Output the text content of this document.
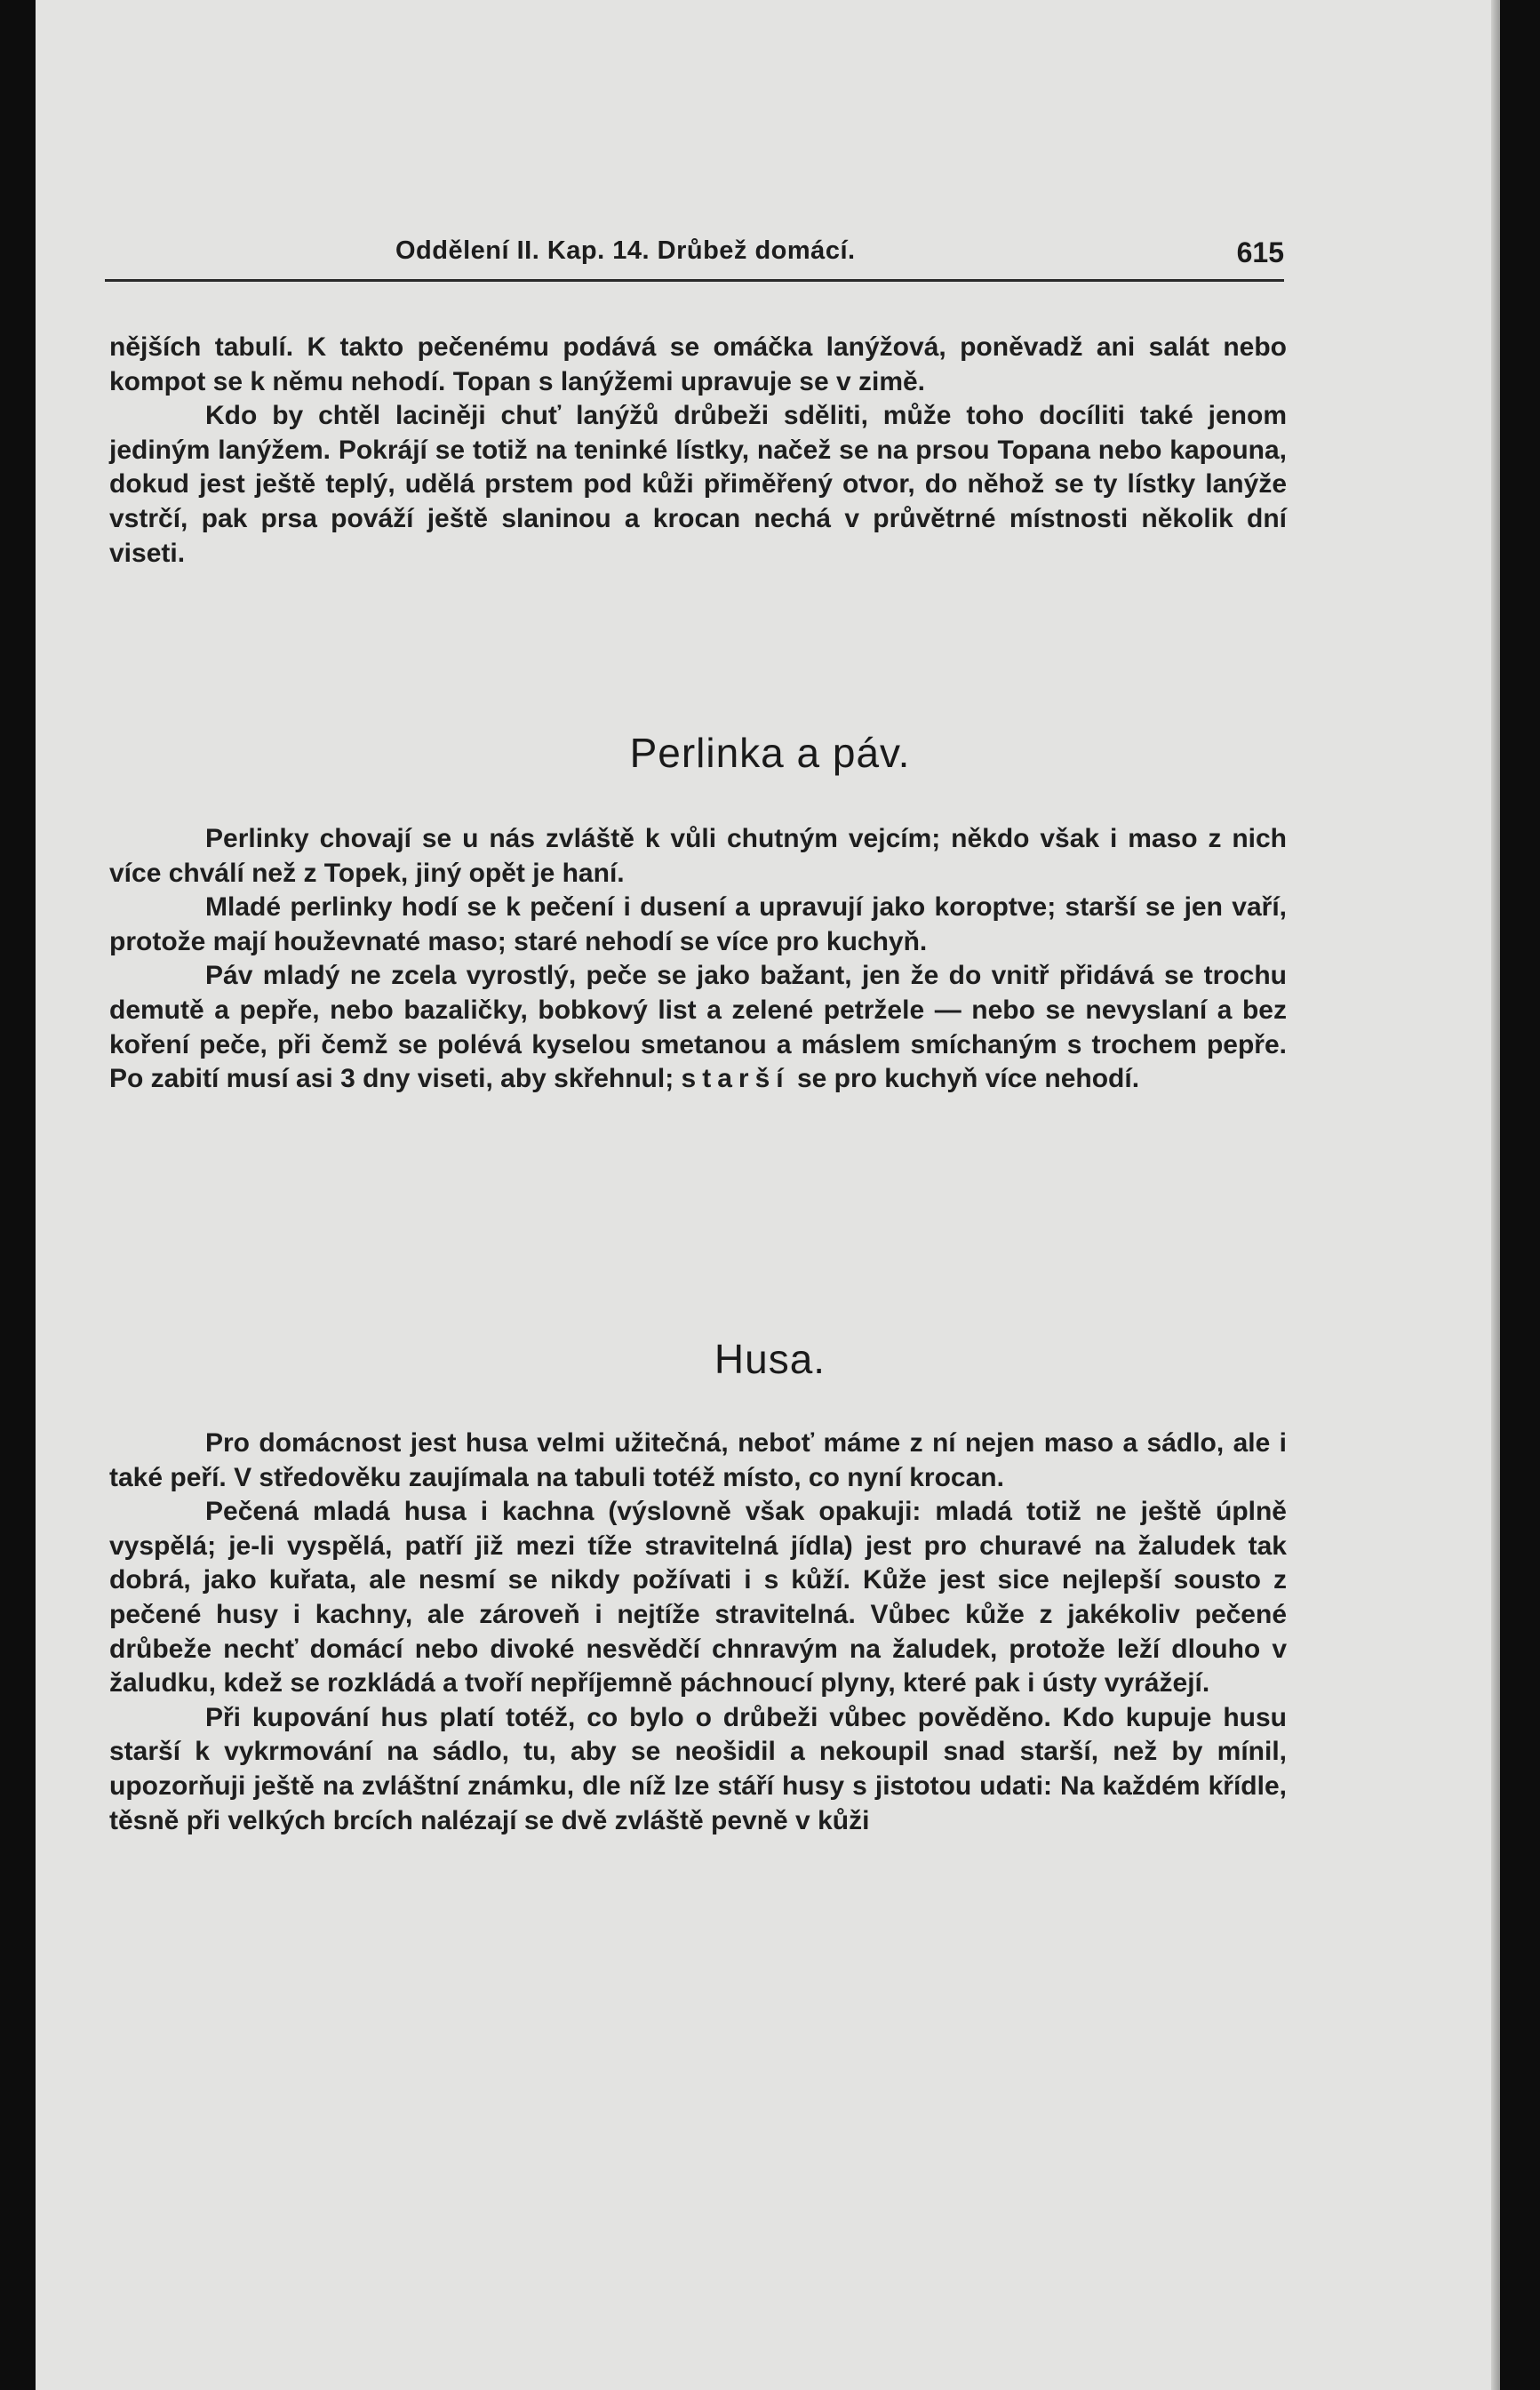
Oddělení II. Kap. 14. Drůbež domácí.	615

nějších tabulí. K takto pečenému podává se omáčka lanýžová, poněvadž ani salát nebo kompot se k němu nehodí. Topan s lanýžemi upravuje se v zimě.

Kdo by chtěl laciněji chuť lanýžů drůbeži sděliti, může toho docíliti také jenom jediným lanýžem. Pokrájí se totiž na teninké lístky, načež se na prsou Topana nebo kapouna, dokud jest ještě teplý, udělá prstem pod kůži přiměřený otvor, do něhož se ty lístky lanýže vstrčí, pak prsa pováží ještě slaninou a krocan nechá v průvětrné místnosti několik dní viseti.

Perlinka a páv.

Perlinky chovají se u nás zvláště k vůli chutným vejcím; někdo však i maso z nich více chválí než z Topek, jiný opět je haní.

Mladé perlinky hodí se k pečení i dusení a upravují jako koroptve; starší se jen vaří, protože mají houževnaté maso; staré nehodí se více pro kuchyň.

Páv mladý ne zcela vyrostlý, peče se jako bažant, jen že do vnitř přidává se trochu demutě a pepře, nebo bazaličky, bobkový list a zelené petržele — nebo se nevyslaní a bez koření peče, při čemž se polévá kyselou smetanou a máslem smíchaným s trochem pepře. Po zabití musí asi 3 dny viseti, aby skřehnul; starší se pro kuchyň více nehodí.

Husa.

Pro domácnost jest husa velmi užitečná, neboť máme z ní nejen maso a sádlo, ale i také peří. V středověku zaujímala na tabuli totéž místo, co nyní krocan.

Pečená mladá husa i kachna (výslovně však opakuji: mladá totiž ne ještě úplně vyspělá; je-li vyspělá, patří již mezi tíže stravitelná jídla) jest pro churavé na žaludek tak dobrá, jako kuřata, ale nesmí se nikdy požívati i s kůží. Kůže jest sice nejlepší sousto z pečené husy i kachny, ale zároveň i nejtíže stravitelná. Vůbec kůže z jakékoliv pečené drůbeže nechť domácí nebo divoké nesvědčí chnravým na žaludek, protože leží dlouho v žaludku, kdež se rozkládá a tvoří nepříjemně páchnoucí plyny, které pak i ústy vyrážejí.

Při kupování hus platí totéž, co bylo o drůbeži vůbec pověděno. Kdo kupuje husu starší k vykrmování na sádlo, tu, aby se neošidil a nekoupil snad starší, než by mínil, upozorňuji ještě na zvláštní známku, dle níž lze stáří husy s jistotou udati: Na každém křídle, těsně při velkých brcích nalézají se dvě zvláště pevně v kůži
